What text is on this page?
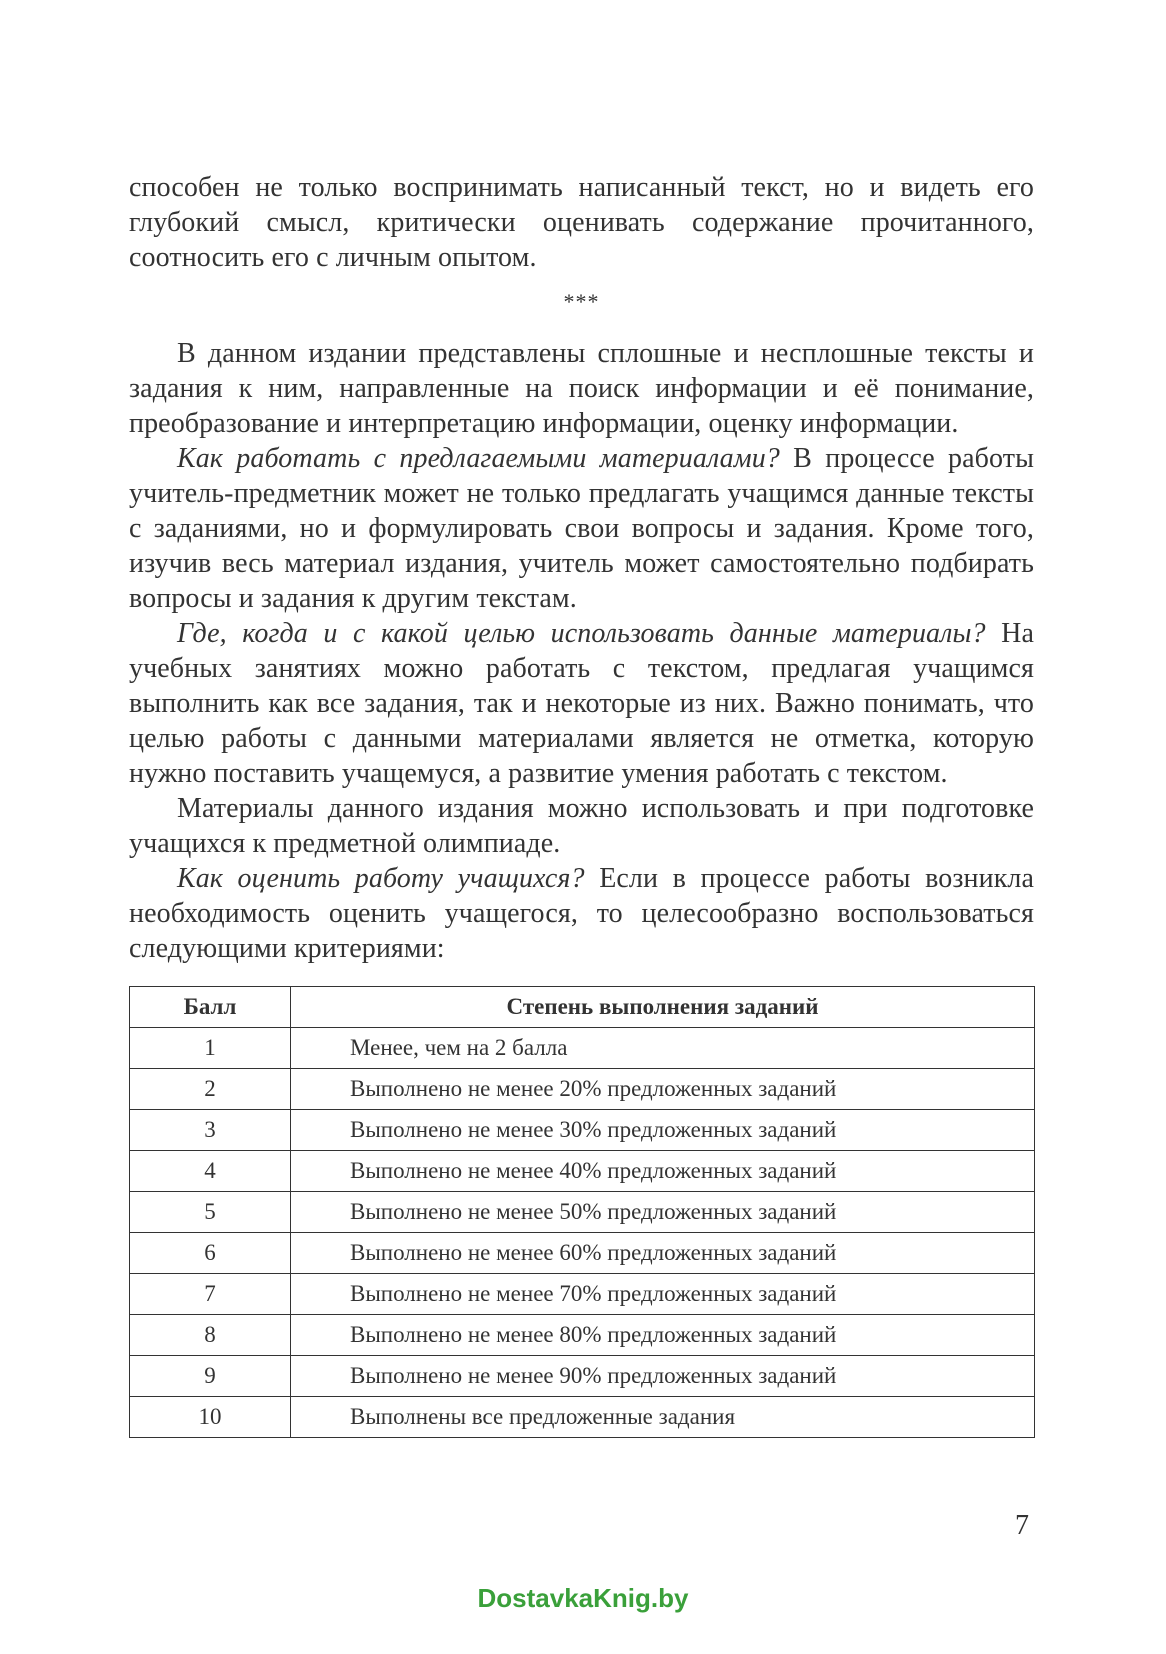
способен не только воспринимать написанный текст, но и видеть его глубокий смысл, критически оценивать содержание прочитанного, соотносить его с личным опытом.

***

В данном издании представлены сплошные и несплошные тексты и задания к ним, направленные на поиск информации и её понимание, преобразование и интерпретацию информации, оценку информации.

Как работать с предлагаемыми материалами? В процессе работы учитель-предметник может не только предлагать учащимся данные тексты с заданиями, но и формулировать свои вопросы и задания. Кроме того, изучив весь материал издания, учитель может самостоятельно подбирать вопросы и задания к другим текстам.

Где, когда и с какой целью использовать данные материалы? На учебных занятиях можно работать с текстом, предлагая учащимся выполнить как все задания, так и некоторые из них. Важно понимать, что целью работы с данными материалами является не отметка, которую нужно поставить учащемуся, а развитие умения работать с текстом.

Материалы данного издания можно использовать и при подготовке учащихся к предметной олимпиаде.

Как оценить работу учащихся? Если в процессе работы возникла необходимость оценить учащегося, то целесообразно воспользоваться следующими критериями:

Балл	Степень выполнения заданий
1	Менее, чем на 2 балла
2	Выполнено не менее 20% предложенных заданий
3	Выполнено не менее 30% предложенных заданий
4	Выполнено не менее 40% предложенных заданий
5	Выполнено не менее 50% предложенных заданий
6	Выполнено не менее 60% предложенных заданий
7	Выполнено не менее 70% предложенных заданий
8	Выполнено не менее 80% предложенных заданий
9	Выполнено не менее 90% предложенных заданий
10	Выполнены все предложенные задания
7
DostavkaKnig.by
